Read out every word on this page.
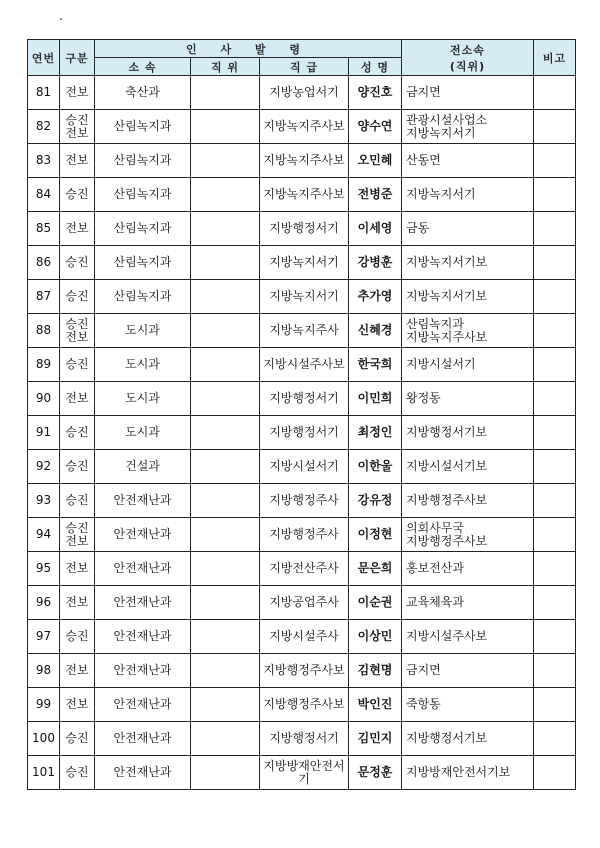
연번	구분	인 사 발 령				전소속
(직위)	비고
		소 속	직 위	직 급	성 명		
81	전보	축산과		지방농업서기	양진호	금지면	

82	승진
전보	산림녹지과		지방녹지주사보	양수연	관광시설사업소
지방녹지서기	

83	전보	산림녹지과		지방녹지주사보	오민혜	산동면	

84	승진	산림녹지과		지방녹지주사보	전병준	지방녹지서기	

85	전보	산림녹지과		지방행정서기	이세영	금동	

86	승진	산림녹지과		지방녹지서기	강병훈	지방녹지서기보	

87	승진	산림녹지과		지방녹지서기	추가영	지방녹지서기보	

88	승진
전보	도시과		지방녹지주사	신혜경	산림녹지과
지방녹지주사보	

89	승진	도시과		지방시설주사보	한국희	지방시설서기	

90	전보	도시과		지방행정서기	이민희	왕정동	

91	승진	도시과		지방행정서기	최정인	지방행정서기보	

92	승진	건설과		지방시설서기	이한울	지방시설서기보	

93	승진	안전재난과		지방행정주사	강유정	지방행정주사보	

94	승진
전보	안전재난과		지방행정주사	이정현	의회사무국
지방행정주사보	

95	전보	안전재난과		지방전산주사	문은희	홍보전산과	

96	전보	안전재난과		지방공업주사	이순권	교육체육과	

97	승진	안전재난과		지방시설주사	이상민	지방시설주사보	

98	전보	안전재난과		지방행정주사보	김현명	금지면	

99	전보	안전재난과		지방행정주사보	박인진	죽항동	

100	승진	안전재난과		지방행정서기	김민지	지방행정서기보	

101	승진	안전재난과		지방방재안전서기	문정훈	지방방재안전서기보	
